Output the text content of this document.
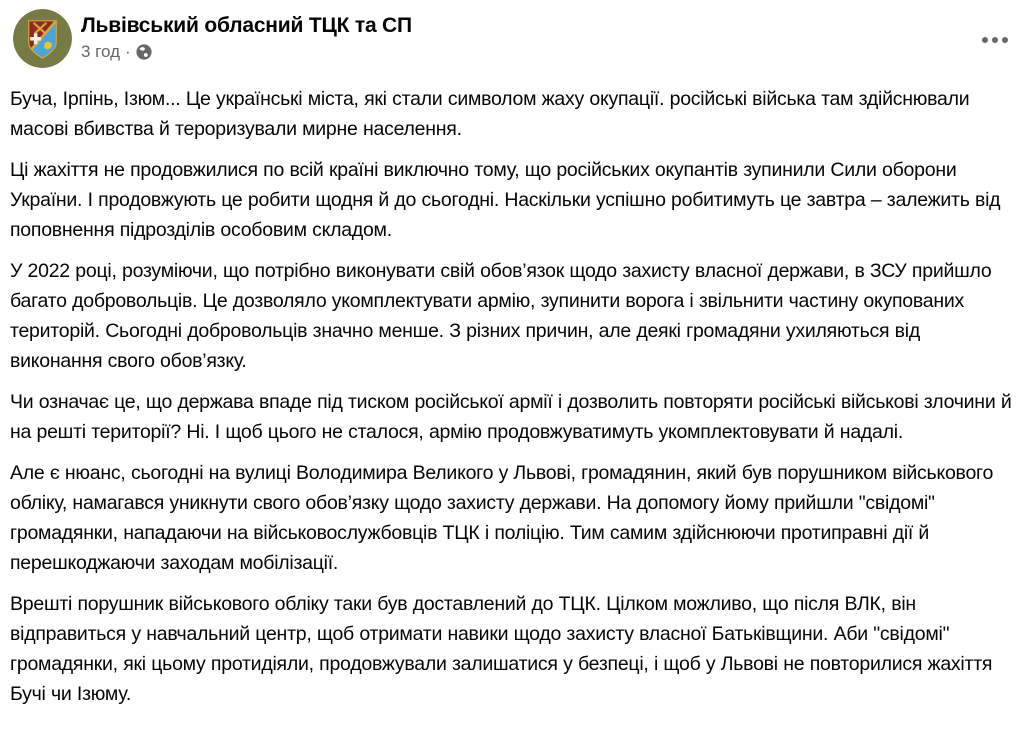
Львівський обласний ТЦК та СП
3 год ·

Буча, Ірпінь, Ізюм... Це українські міста, які стали символом жаху окупації. російські війська там здійснювали масові вбивства й тероризували мирне населення.

Ці жахіття не продовжилися по всій країні виключно тому, що російських окупантів зупинили Сили оборони України. І продовжують це робити щодня й до сьогодні. Наскільки успішно робитимуть це завтра – залежить від поповнення підрозділів особовим складом.

У 2022 році, розуміючи, що потрібно виконувати свій обов’язок щодо захисту власної держави, в ЗСУ прийшло багато добровольців. Це дозволяло укомплектувати армію, зупинити ворога і звільнити частину окупованих територій. Сьогодні добровольців значно менше. З різних причин, але деякі громадяни ухиляються від виконання свого обов’язку.

Чи означає це, що держава впаде під тиском російської армії і дозволить повторяти російські військові злочини й на решті території? Ні. І щоб цього не сталося, армію продовжуватимуть укомплектовувати й надалі.

Але є нюанс, сьогодні на вулиці Володимира Великого у Львові, громадянин, який був порушником військового обліку, намагався уникнути свого обов’язку щодо захисту держави. На допомогу йому прийшли "свідомі" громадянки, нападаючи на військовослужбовців ТЦК і поліцію. Тим самим здійснюючи протиправні дії й перешкоджаючи заходам мобілізації.

Врешті порушник військового обліку таки був доставлений до ТЦК. Цілком можливо, що після ВЛК, він відправиться у навчальний центр, щоб отримати навики щодо захисту власної Батьківщини. Аби "свідомі" громадянки, які цьому протидіяли, продовжували залишатися у безпеці, і щоб у Львові не повторилися жахіття Бучі чи Ізюму.
